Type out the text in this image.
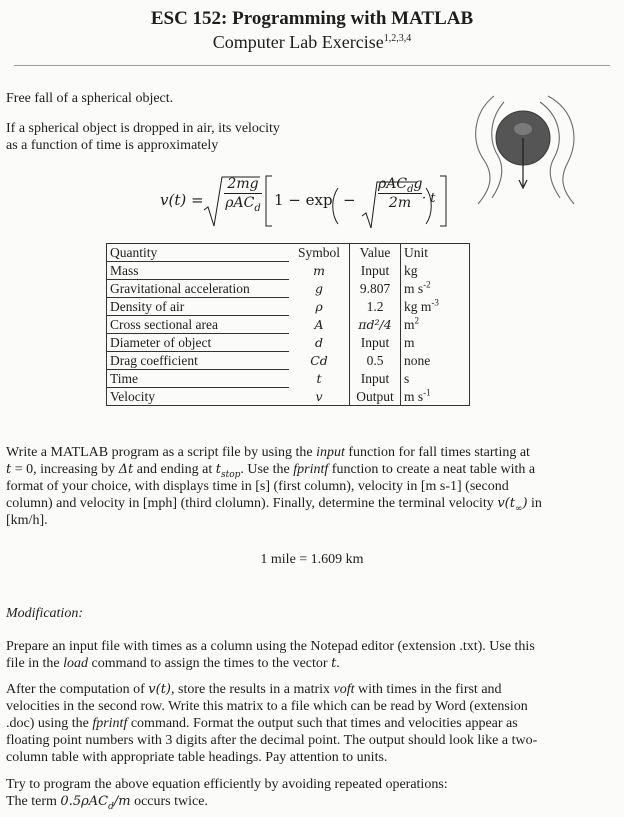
ESC 152: Programming with MATLAB
Computer Lab Exercise$^{1,2,3,4}$
Free fall of a spherical object.
If a spherical object is dropped in air, its velocity
as a function of time is approximately
v(t) =
2mg
ρAC$_d$ 1 − exp −
ρAC$_d$g
2m · t
Quantity	Symbol	Value	Unit
Mass	m	Input	kg
Gravitational acceleration	g	9.807	m $s^{-2}$
Density of air	ρ	1.2	kg $m^{-3}$
Cross sectional area	A	πd²/4	$m^2$
Diameter of object	d	Input	m
Drag coefficient	Cd	0.5	none
Time	t	Input	s
Velocity	v	Output	m $s^{-1}$
Write a MATLAB program as a script file by using the input function for fall times starting at
t = 0, increasing by Δt and ending at $t_{stop}$. Use the fprintf function to create a neat table with a
format of your choice, with displays time in [s] (first column), velocity in [m s-1] (second
column) and velocity in [mph] (third clolumn). Finally, determine the terminal velocity $v(t_\infty)$ in
[km/h].
1 mile = 1.609 km
Modification:
Prepare an input file with times as a column using the Notepad editor (extension .txt). Use this
file in the load command to assign the times to the vector t.
After the computation of v(t), store the results in a matrix voft with times in the first and
velocities in the second row. Write this matrix to a file which can be read by Word (extension
.doc) using the fprintf command. Format the output such that times and velocities appear as
floating point numbers with 3 digits after the decimal point. The output should look like a two-
column table with appropriate table headings. Pay attention to units.
Try to program the above equation efficiently by avoiding repeated operations:
The term 0.5ρAC$_d$/m occurs twice.
